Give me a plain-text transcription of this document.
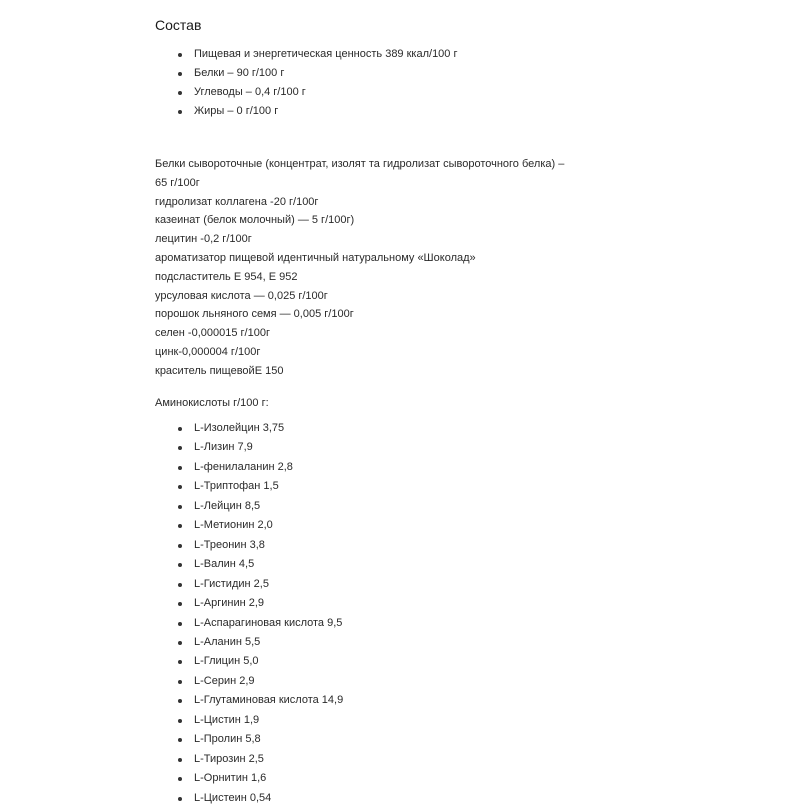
Состав
Пищевая и энергетическая ценность 389 ккал/100 г
Белки – 90 г/100 г
Углеводы – 0,4 г/100 г
Жиры – 0 г/100 г
Белки сывороточные (концентрат, изолят та гидролизат сывороточного белка) –
65 г/100г
гидролизат коллагена -20 г/100г
казеинат (белок молочный) — 5 г/100г)
лецитин -0,2 г/100г
ароматизатор пищевой идентичный натуральному «Шоколад»
подсластитель Е 954, Е 952
урсуловая кислота — 0,025 г/100г
порошок льняного семя — 0,005 г/100г
селен -0,000015 г/100г
цинк-0,000004 г/100г
краситель пищевойЕ 150

Аминокислоты г/100 г:

L-Изолейцин 3,75
L-Лизин 7,9
L-фенилаланин 2,8
L-Триптофан 1,5
L-Лейцин 8,5
L-Метионин 2,0
L-Треонин 3,8
L-Валин 4,5
L-Гистидин 2,5
L-Аргинин 2,9
L-Аспарагиновая кислота 9,5
L-Аланин 5,5
L-Глицин 5,0
L-Серин 2,9
L-Глутаминовая кислота 14,9
L-Цистин 1,9
L-Пролин 5,8
L-Тирозин 2,5
L-Орнитин 1,6
L-Цистеин 0,54
